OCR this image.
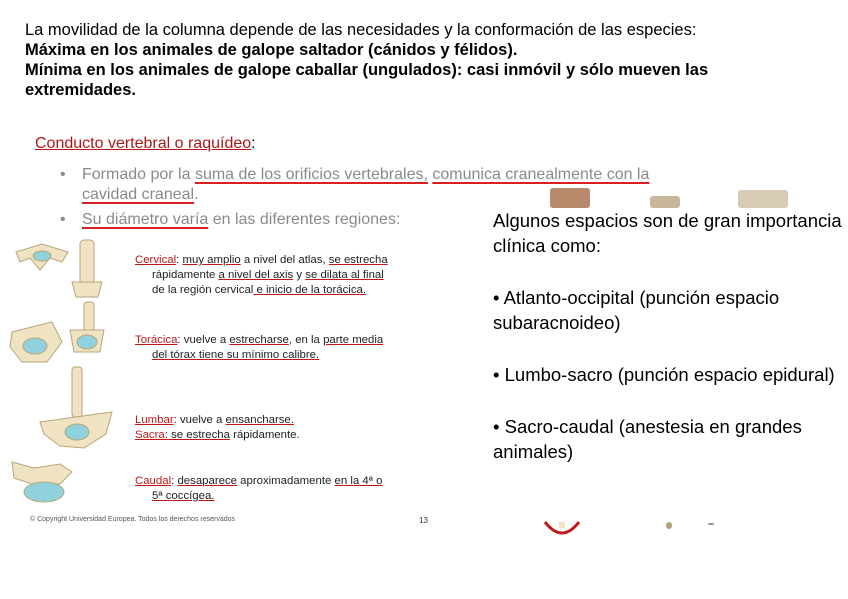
La movilidad de la columna depende de las necesidades y la conformación de las especies:

Máxima en los animales de galope saltador (cánidos y félidos).

Mínima en los animales de galope caballar (ungulados): casi inmóvil y sólo mueven las extremidades.

Conducto vertebral o raquídeo:
• Formado por la suma de los orificios vertebrales, comunica cranealmente con la
cavidad craneal.
• Su diámetro varía en las diferentes regiones:
Cervical: muy amplio a nivel del atlas, se estrecha
rápidamente a nivel del axis y se dilata al final
de la región cervical e inicio de la torácica.
Torácica: vuelve a estrecharse, en la parte media
del tórax tiene su mínimo calibre.
Lumbar: vuelve a ensancharse.
Sacra: se estrecha rápidamente.
Caudal: desaparece aproximadamente en la 4ª o
5ª coccígea.

Algunos espacios son de gran importancia clínica como:

• Atlanto-occipital (punción espacio subaracnoideo)

• Lumbo-sacro (punción espacio epidural)

• Sacro-caudal (anestesia en grandes animales)

© Copyright Universidad Europea. Todos los derechos reservados	13
